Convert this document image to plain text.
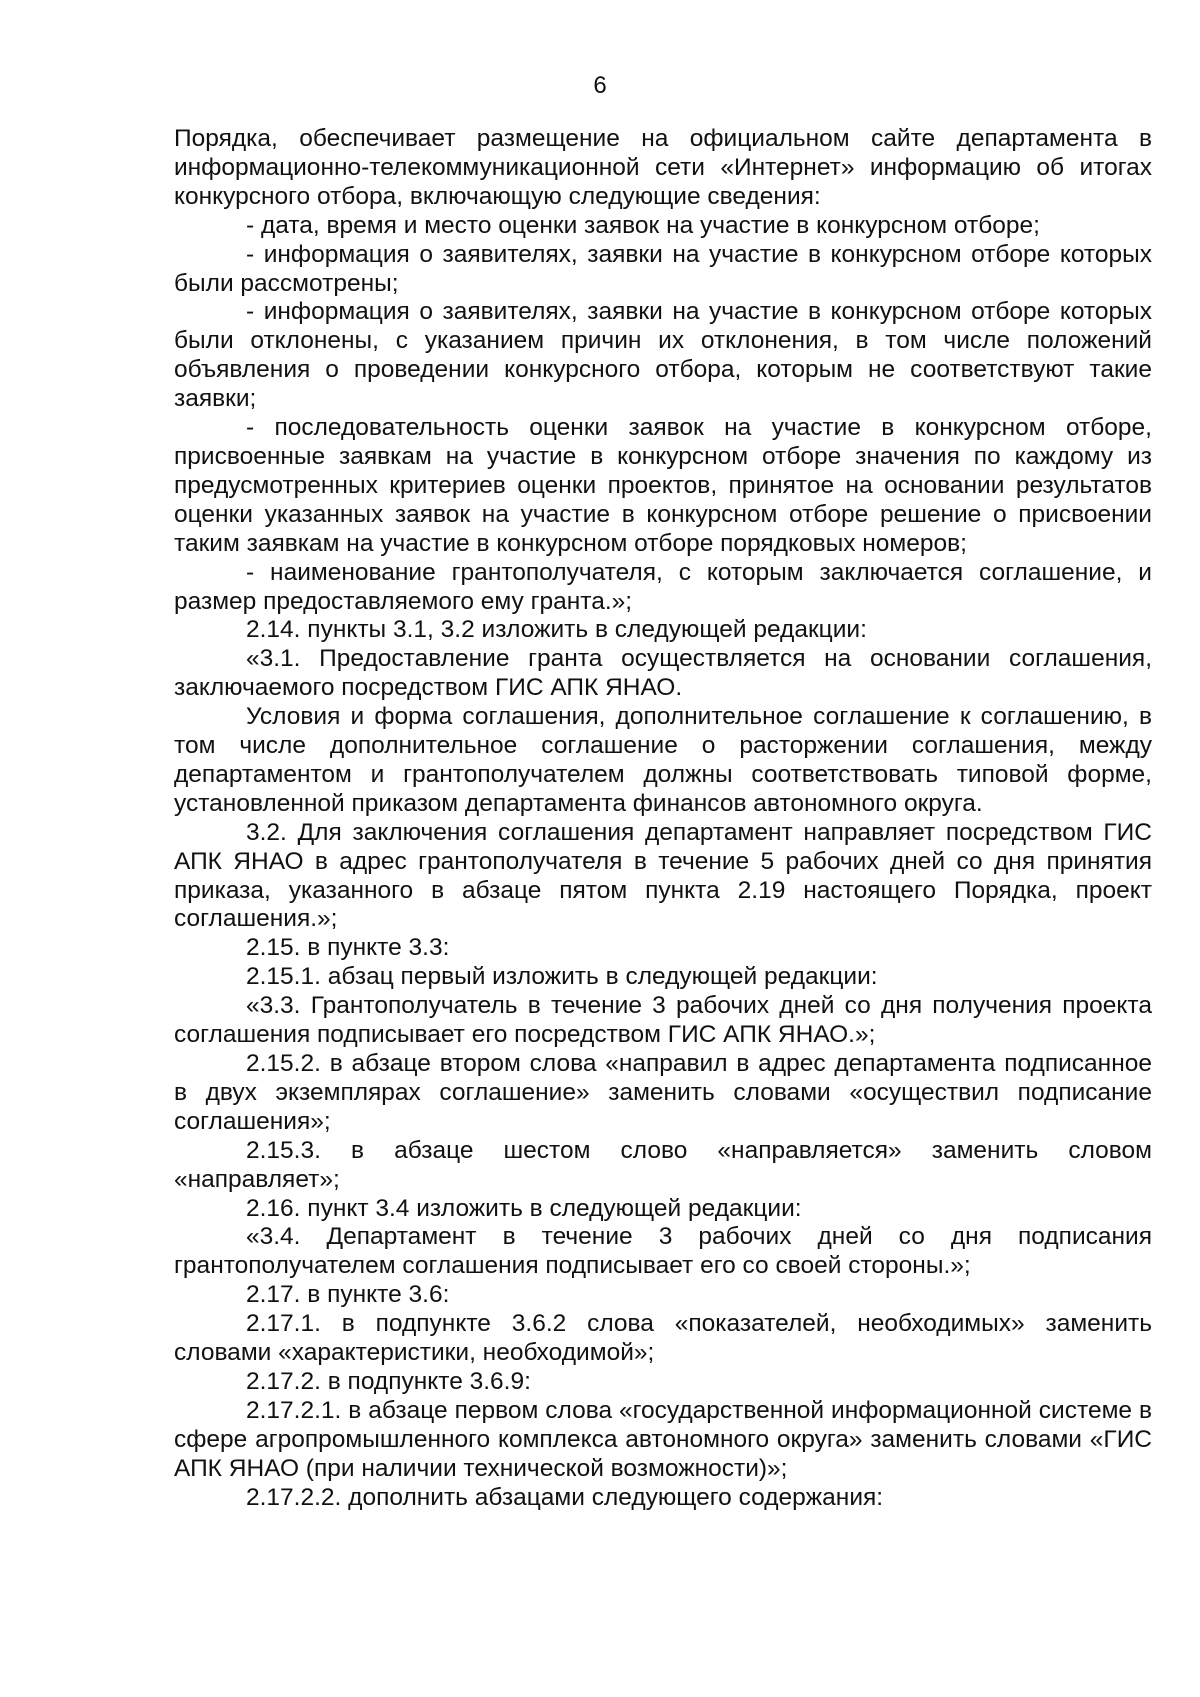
6

Порядка, обеспечивает размещение на официальном сайте департамента в информационно-телекоммуникационной сети «Интернет» информацию об итогах конкурсного отбора, включающую следующие сведения:

- дата, время и место оценки заявок на участие в конкурсном отборе;

- информация о заявителях, заявки на участие в конкурсном отборе которых были рассмотрены;

- информация о заявителях, заявки на участие в конкурсном отборе которых были отклонены, с указанием причин их отклонения, в том числе положений объявления о проведении конкурсного отбора, которым не соответствуют такие заявки;

- последовательность оценки заявок на участие в конкурсном отборе, присвоенные заявкам на участие в конкурсном отборе значения по каждому из предусмотренных критериев оценки проектов, принятое на основании результатов оценки указанных заявок на участие в конкурсном отборе решение о присвоении таким заявкам на участие в конкурсном отборе порядковых номеров;

- наименование грантополучателя, с которым заключается соглашение, и размер предоставляемого ему гранта.»;

2.14. пункты 3.1, 3.2 изложить в следующей редакции:

«3.1. Предоставление гранта осуществляется на основании соглашения, заключаемого посредством ГИС АПК ЯНАО.

Условия и форма соглашения, дополнительное соглашение к соглашению, в том числе дополнительное соглашение о расторжении соглашения, между департаментом и грантополучателем должны соответствовать типовой форме, установленной приказом департамента финансов автономного округа.

3.2. Для заключения соглашения департамент направляет посредством ГИС АПК ЯНАО в адрес грантополучателя в течение 5 рабочих дней со дня принятия приказа, указанного в абзаце пятом пункта 2.19 настоящего Порядка, проект соглашения.»;

2.15. в пункте 3.3:

2.15.1. абзац первый изложить в следующей редакции:

«3.3. Грантополучатель в течение 3 рабочих дней со дня получения проекта соглашения подписывает его посредством ГИС АПК ЯНАО.»;

2.15.2. в абзаце втором слова «направил в адрес департамента подписанное в двух экземплярах соглашение» заменить словами «осуществил подписание соглашения»;

2.15.3. в абзаце шестом слово «направляется» заменить словом «направляет»;

2.16. пункт 3.4 изложить в следующей редакции:

«3.4. Департамент в течение 3 рабочих дней со дня подписания грантополучателем соглашения подписывает его со своей стороны.»;

2.17. в пункте 3.6:

2.17.1. в подпункте 3.6.2 слова «показателей, необходимых» заменить словами «характеристики, необходимой»;

2.17.2. в подпункте 3.6.9:

2.17.2.1. в абзаце первом слова «государственной информационной системе в сфере агропромышленного комплекса автономного округа» заменить словами «ГИС АПК ЯНАО (при наличии технической возможности)»;

2.17.2.2. дополнить абзацами следующего содержания:
